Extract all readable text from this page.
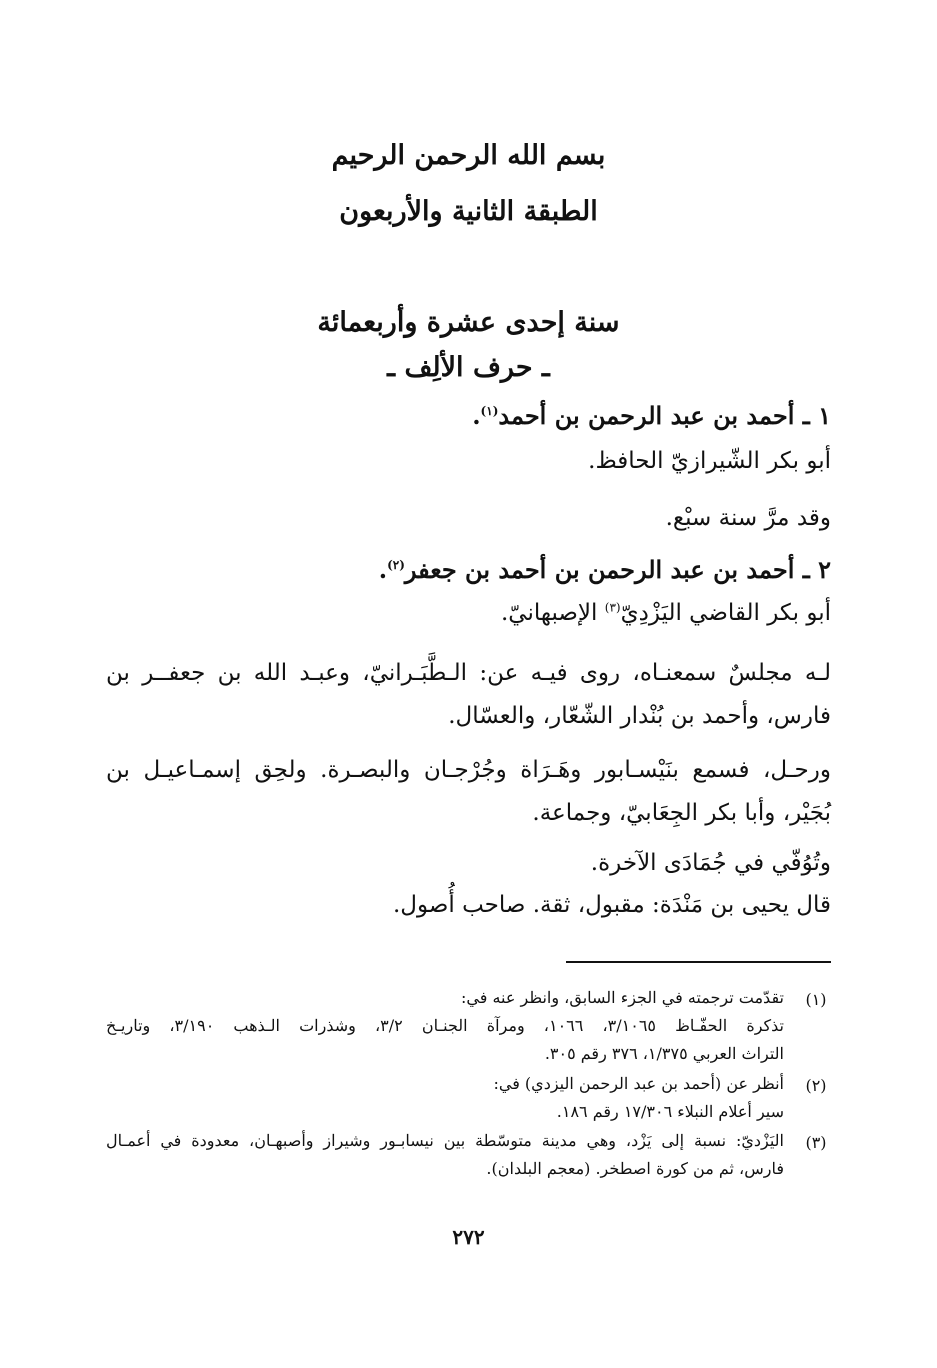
بسم الله الرحمن الرحيم
الطبقة الثانية والأربعون
سنة إحدى عشرة وأربعمائة
ـ حرف الألِف ـ
١ ـ أحمد بن عبد الرحمن بن أحمد$^{(١)}$.
أبو بكر الشّيرازيّ الحافظ.
وقد مرَّ سنة سبْع.
٢ ـ أحمد بن عبد الرحمن بن أحمد بن جعفر$^{(٢)}$.
أبو بكر القاضي اليَزْدِيّ$^{(٣)}$ الإصبهانيّ.
لـه مجلسٌ سمعنـاه، روى فيـه عن: الـطَّبَـرانيّ، وعبـد الله بن جعفــر بن
فارس، وأحمد بن بُنْدار الشّعّار، والعسّال.
ورحـل، فسمع بنَيْسـابور وهَـرَاة وجُرْجـان والبصـرة. ولحِق إسمـاعيـل بن
بُجَيْر، وأبا بكر الجِعَابيّ، وجماعة.
وتُوُفّي في جُمَادَى الآخرة.
قال يحيى بن مَنْدَة: مقبول، ثقة. صاحب أُصول.
(١)
تقدّمت ترجمته في الجزء السابق، وانظر عنه في:
تذكرة الحفّـاظ ٣/١٠٦٥، ١٠٦٦، ومرآة الجنـان ٣/٢، وشذرات الـذهب ٣/١٩٠، وتاريـخ
التراث العربي ١/٣٧٥، ٣٧٦ رقم ٣٠٥.
(٢)
أنظر عن (أحمد بن عبد الرحمن اليزدي) في:
سير أعلام النبلاء ١٧/٣٠٦ رقم ١٨٦.
(٣)
اليَزْديّ: نسبة إلى يَزْد، وهي مدينة متوسّطة بين نيسابـور وشيراز وأصبهـان، معدودة في أعمـال
فارس، ثم من كورة اصطخر. (معجم البلدان).
٢٧٢
